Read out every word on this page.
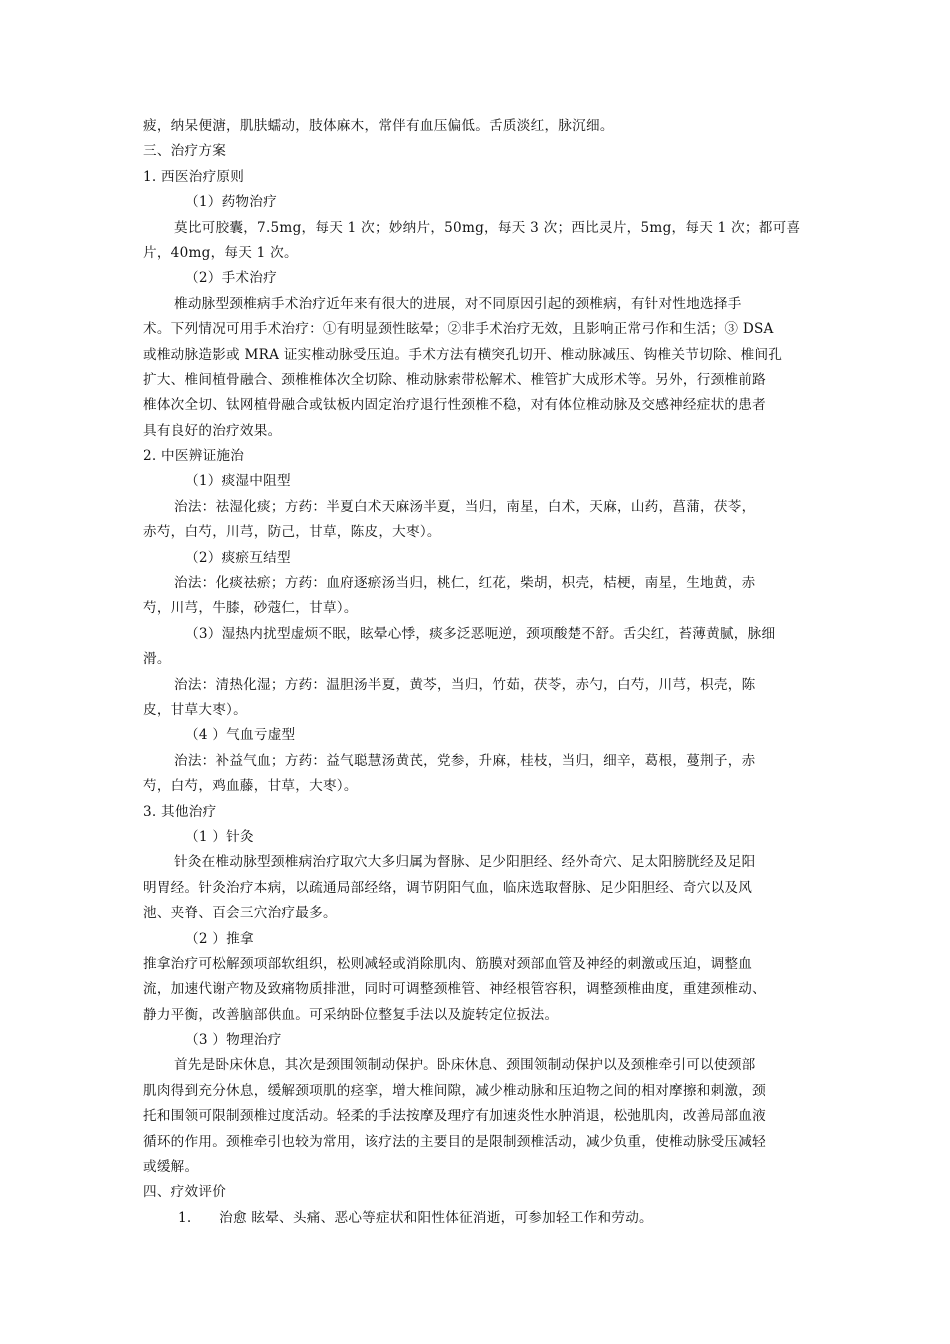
疲，纳呆便溏，肌肤蠕动，肢体麻木，常伴有血压偏低。舌质淡红，脉沉细。
三、治疗方案
1. 西医治疗原则
（1）药物治疗
莫比可胶囊，7.5mg，每天 1 次；妙纳片，50mg，每天 3 次；西比灵片，5mg，每天 1 次；都可喜
片，40mg，每天 1 次。
（2）手术治疗
椎动脉型颈椎病手术治疗近年来有很大的进展，对不同原因引起的颈椎病，有针对性地选择手
术。下列情况可用手术治疗：①有明显颈性眩晕；②非手术治疗无效，且影响正常弓作和生活；③ DSA
或椎动脉造影或 MRA 证实椎动脉受压迫。手术方法有横突孔切开、椎动脉减压、钩椎关节切除、椎间孔
扩大、椎间植骨融合、颈椎椎体次全切除、椎动脉索带松解术、椎管扩大成形术等。另外，行颈椎前路
椎体次全切、钛网植骨融合或钛板内固定治疗退行性颈椎不稳，对有体位椎动脉及交感神经症状的患者
具有良好的治疗效果。
2. 中医辨证施治
（1）痰湿中阻型
治法：祛湿化痰；方药：半夏白术天麻汤半夏，当归，南星，白术，天麻，山药，菖蒲，茯苓，
赤芍，白芍，川芎，防己，甘草，陈皮，大枣）。
（2）痰瘀互结型
治法：化痰祛瘀；方药：血府逐瘀汤当归，桃仁，红花，柴胡，枳壳，桔梗，南星，生地黄，赤
芍，川芎，牛膝，砂蔻仁，甘草）。
（3）湿热内扰型虚烦不眠，眩晕心悸，痰多泛恶呃逆，颈项酸楚不舒。舌尖红，苔薄黄腻，脉细
滑。
治法：清热化湿；方药：温胆汤半夏，黄芩，当归，竹茹，茯苓，赤勺，白芍，川芎，枳壳，陈
皮，甘草大枣）。
（4 ）气血亏虚型
治法：补益气血；方药：益气聪慧汤黄芪，党参，升麻，桂枝，当归，细辛，葛根，蔓荆子，赤
芍，白芍，鸡血藤，甘草，大枣）。
3. 其他治疗
（1 ）针灸
针灸在椎动脉型颈椎病治疗取穴大多归属为督脉、足少阳胆经、经外奇穴、足太阳膀胱经及足阳
明胃经。针灸治疗本病，以疏通局部经络，调节阴阳气血，临床选取督脉、足少阳胆经、奇穴以及风
池、夹脊、百会三穴治疗最多。
（2 ）推拿
推拿治疗可松解颈项部软组织，松则减轻或消除肌肉、筋膜对颈部血管及神经的刺激或压迫，调整血
流，加速代谢产物及致痛物质排泄，同时可调整颈椎管、神经根管容积，调整颈椎曲度，重建颈椎动、
静力平衡，改善脑部供血。可采纳卧位整复手法以及旋转定位扳法。
（3 ）物理治疗
首先是卧床休息，其次是颈围领制动保护。卧床休息、颈围领制动保护以及颈椎牵引可以使颈部
肌肉得到充分休息，缓解颈项肌的痉挛，增大椎间隙，减少椎动脉和压迫物之间的相对摩擦和刺激，颈
托和围领可限制颈椎过度活动。轻柔的手法按摩及理疗有加速炎性水肿消退，松弛肌肉，改善局部血液
循环的作用。颈椎牵引也较为常用，该疗法的主要目的是限制颈椎活动，减少负重，使椎动脉受压减轻
或缓解。
四、疗效评价
1.　　治愈 眩晕、头痛、恶心等症状和阳性体征消逝，可参加轻工作和劳动。
